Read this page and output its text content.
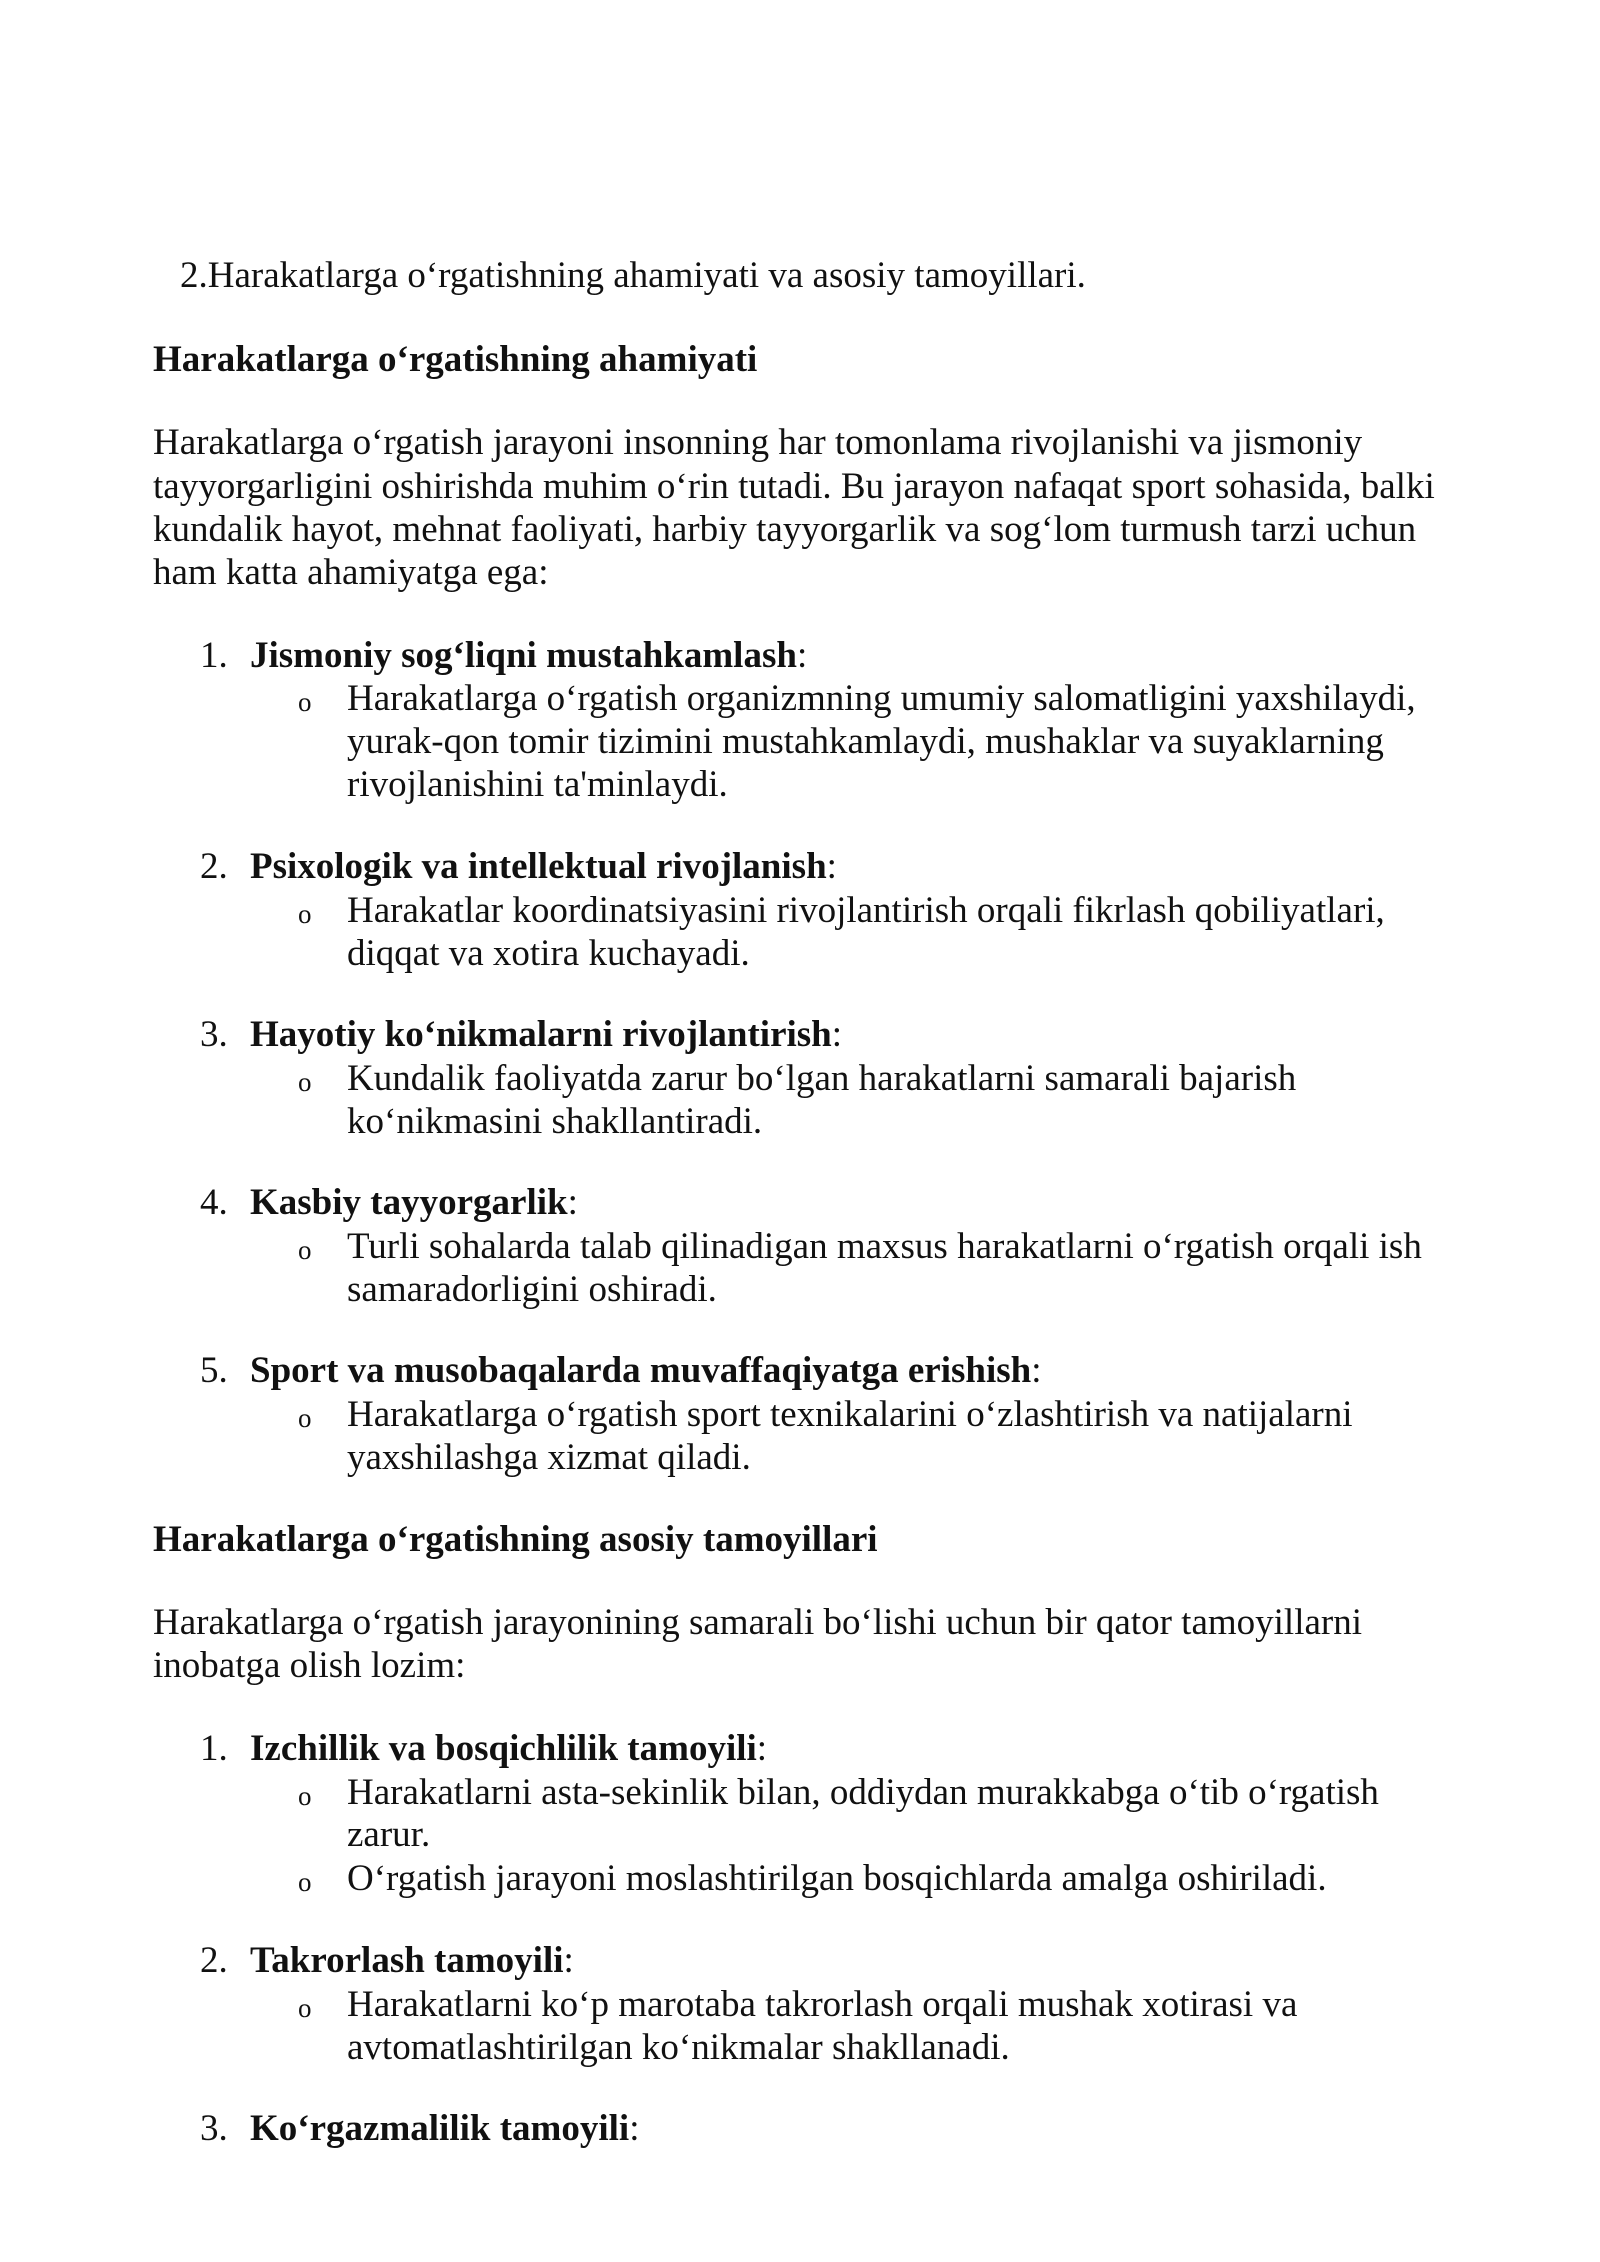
2.Harakatlarga o‘rgatishning ahamiyati va asosiy tamoyillari.
Harakatlarga o‘rgatishning ahamiyati
Harakatlarga o‘rgatish jarayoni insonning har tomonlama rivojlanishi va jismoniy
tayyorgarligini oshirishda muhim o‘rin tutadi. Bu jarayon nafaqat sport sohasida, balki
kundalik hayot, mehnat faoliyati, harbiy tayyorgarlik va sog‘lom turmush tarzi uchun
ham katta ahamiyatga ega:
1. Jismoniy sog‘liqni mustahkamlash:
o Harakatlarga o‘rgatish organizmning umumiy salomatligini yaxshilaydi,
yurak-qon tomir tizimini mustahkamlaydi, mushaklar va suyaklarning
rivojlanishini ta'minlaydi.
2. Psixologik va intellektual rivojlanish:
o Harakatlar koordinatsiyasini rivojlantirish orqali fikrlash qobiliyatlari,
diqqat va xotira kuchayadi.
3. Hayotiy ko‘nikmalarni rivojlantirish:
o Kundalik faoliyatda zarur bo‘lgan harakatlarni samarali bajarish
ko‘nikmasini shakllantiradi.
4. Kasbiy tayyorgarlik:
o Turli sohalarda talab qilinadigan maxsus harakatlarni o‘rgatish orqali ish
samaradorligini oshiradi.
5. Sport va musobaqalarda muvaffaqiyatga erishish:
o Harakatlarga o‘rgatish sport texnikalarini o‘zlashtirish va natijalarni
yaxshilashga xizmat qiladi.
Harakatlarga o‘rgatishning asosiy tamoyillari
Harakatlarga o‘rgatish jarayonining samarali bo‘lishi uchun bir qator tamoyillarni
inobatga olish lozim:
1. Izchillik va bosqichlilik tamoyili:
o Harakatlarni asta-sekinlik bilan, oddiydan murakkabga o‘tib o‘rgatish
zarur.
o O‘rgatish jarayoni moslashtirilgan bosqichlarda amalga oshiriladi.
2. Takrorlash tamoyili:
o Harakatlarni ko‘p marotaba takrorlash orqali mushak xotirasi va
avtomatlashtirilgan ko‘nikmalar shakllanadi.
3. Ko‘rgazmalilik tamoyili:
